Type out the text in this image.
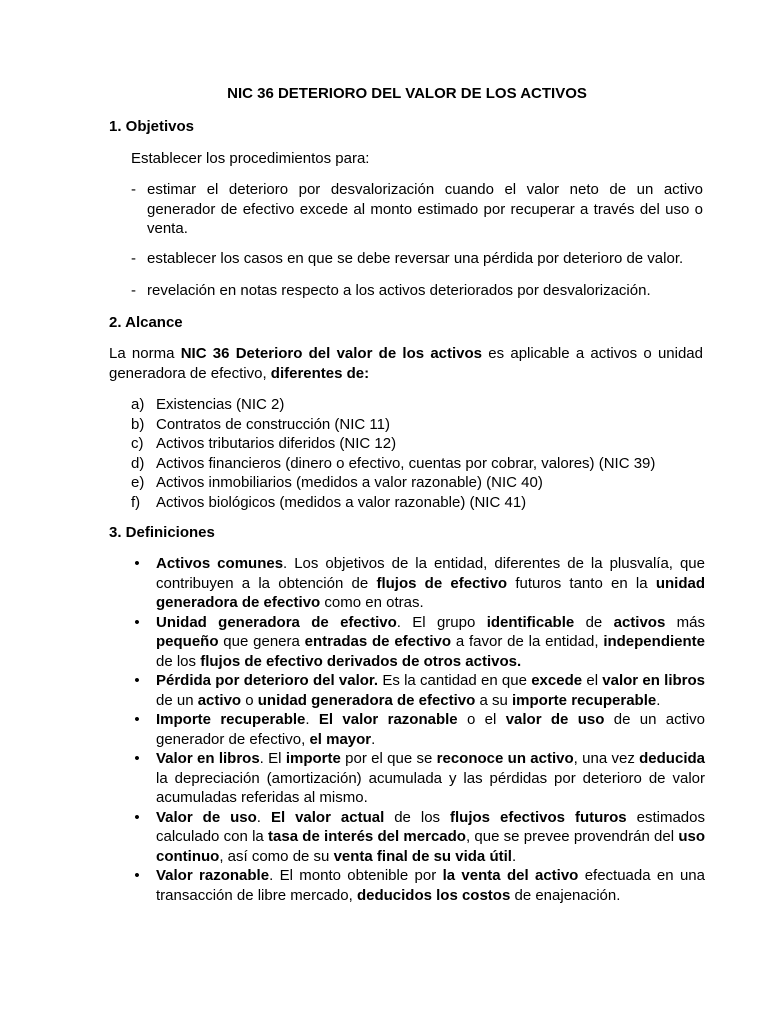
NIC 36 DETERIORO DEL VALOR DE LOS ACTIVOS
1. Objetivos
Establecer los procedimientos para:
- estimar el deterioro por desvalorización cuando el valor neto de un activo generador de efectivo excede al monto estimado por recuperar a través del uso o venta.
- establecer los casos en que se debe reversar una pérdida por deterioro de valor.
- revelación en notas respecto a los activos deteriorados por desvalorización.
2. Alcance
La norma NIC 36 Deterioro del valor de los activos es aplicable a activos o unidad generadora de efectivo, diferentes de:
a) Existencias (NIC 2)
b) Contratos de construcción (NIC 11)
c) Activos tributarios diferidos (NIC 12)
d) Activos financieros (dinero o efectivo, cuentas por cobrar, valores) (NIC 39)
e) Activos inmobiliarios (medidos a valor razonable) (NIC 40)
f) Activos biológicos (medidos a valor razonable) (NIC 41)
3. Definiciones
• Activos comunes. Los objetivos de la entidad, diferentes de la plusvalía, que contribuyen a la obtención de flujos de efectivo futuros tanto en la unidad generadora de efectivo como en otras.
• Unidad generadora de efectivo. El grupo identificable de activos más pequeño que genera entradas de efectivo a favor de la entidad, independiente de los flujos de efectivo derivados de otros activos.
• Pérdida por deterioro del valor. Es la cantidad en que excede el valor en libros de un activo o unidad generadora de efectivo a su importe recuperable.
• Importe recuperable. El valor razonable o el valor de uso de un activo generador de efectivo, el mayor.
• Valor en libros. El importe por el que se reconoce un activo, una vez deducida la depreciación (amortización) acumulada y las pérdidas por deterioro de valor acumuladas referidas al mismo.
• Valor de uso. El valor actual de los flujos efectivos futuros estimados calculado con la tasa de interés del mercado, que se prevee provendrán del uso continuo, así como de su venta final de su vida útil.
• Valor razonable. El monto obtenible por la venta del activo efectuada en una transacción de libre mercado, deducidos los costos de enajenación.
